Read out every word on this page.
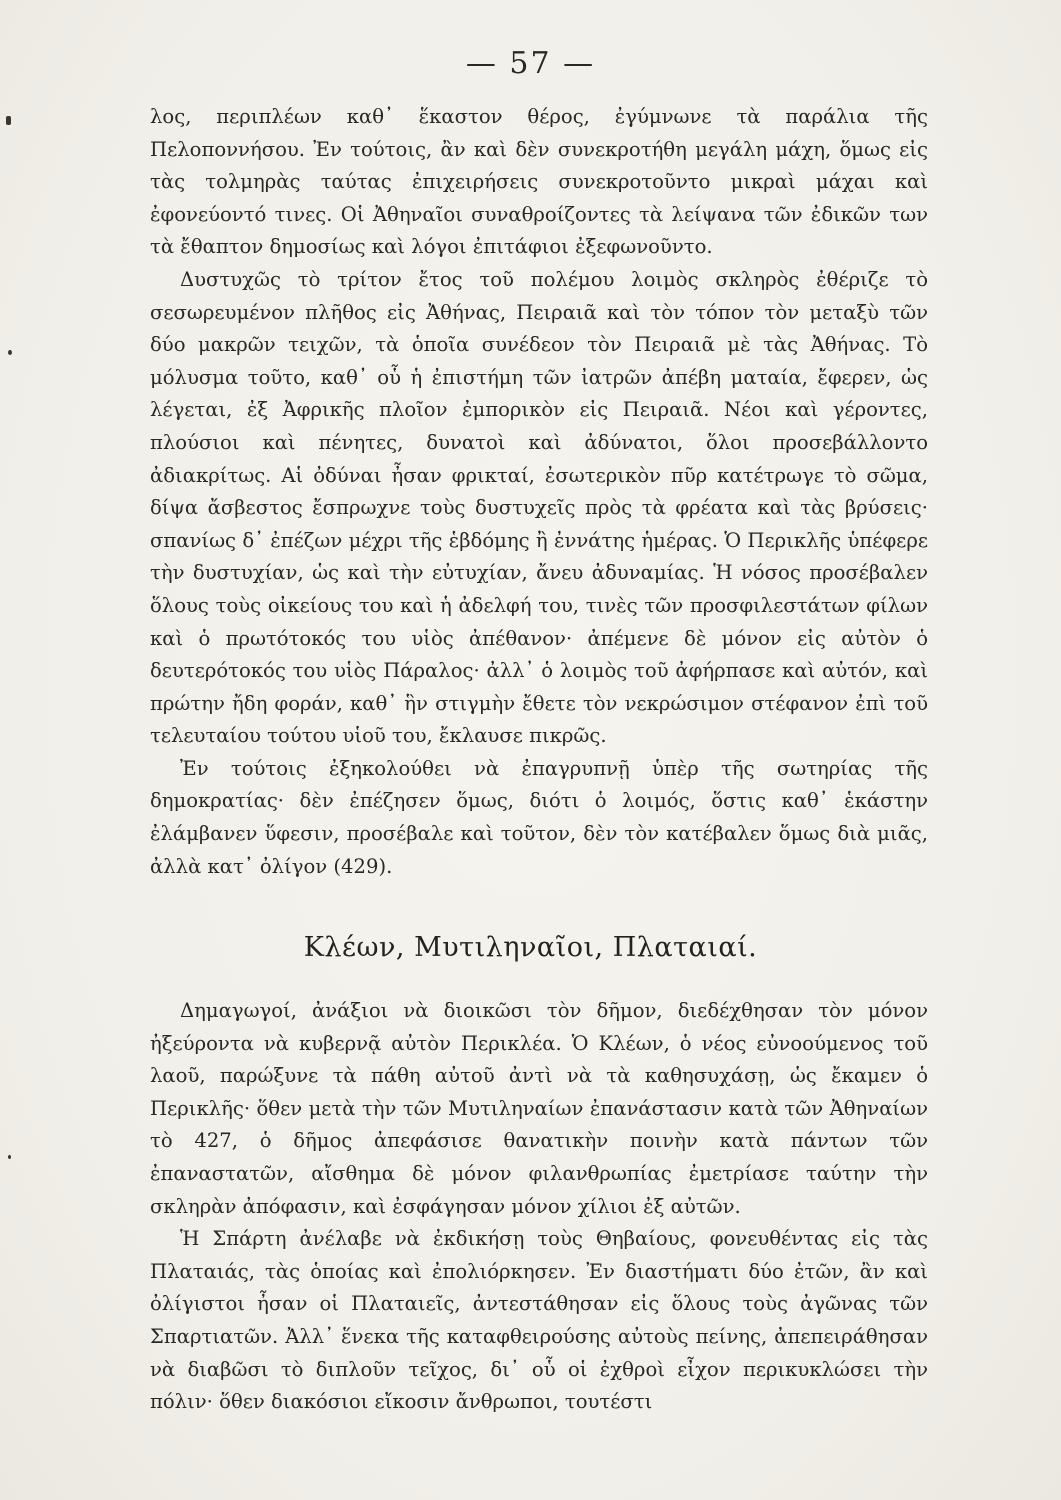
— 57 —

λος, περιπλέων καθ᾽ ἕκαστον θέρος, ἐγύμνωνε τὰ παράλια τῆς Πελοποννήσου. Ἐν τούτοις, ἂν καὶ δὲν συνεκροτήθη μεγάλη μάχη, ὅμως εἰς τὰς τολμηρὰς ταύτας ἐπιχειρήσεις συνεκροτοῦντο μικραὶ μάχαι καὶ ἐφονεύοντό τινες. Οἱ Ἀθηναῖοι συναθροίζοντες τὰ λείψανα τῶν ἐδικῶν των τὰ ἔθαπτον δημοσίως καὶ λόγοι ἐπιτάφιοι ἐξεφωνοῦντο.

Δυστυχῶς τὸ τρίτον ἔτος τοῦ πολέμου λοιμὸς σκληρὸς ἐθέριζε τὸ σεσωρευμένον πλῆθος εἰς Ἀθήνας, Πειραιᾶ καὶ τὸν τόπον τὸν μεταξὺ τῶν δύο μακρῶν τειχῶν, τὰ ὁποῖα συνέδεον τὸν Πειραιᾶ μὲ τὰς Ἀθήνας. Τὸ μόλυσμα τοῦτο, καθ᾽ οὗ ἡ ἐπιστήμη τῶν ἰατρῶν ἀπέβη ματαία, ἔφερεν, ὡς λέγεται, ἐξ Ἀφρικῆς πλοῖον ἐμπορικὸν εἰς Πειραιᾶ. Νέοι καὶ γέροντες, πλούσιοι καὶ πένητες, δυνατοὶ καὶ ἀδύνατοι, ὅλοι προσεβάλλοντο ἀδιακρίτως. Αἱ ὀδύναι ἦσαν φρικταί, ἐσωτερικὸν πῦρ κατέτρωγε τὸ σῶμα, δίψα ἄσβεστος ἔσπρωχνε τοὺς δυστυχεῖς πρὸς τὰ φρέατα καὶ τὰς βρύσεις· σπανίως δ᾽ ἐπέζων μέχρι τῆς ἑβδόμης ἢ ἐννάτης ἡμέρας. Ὁ Περικλῆς ὑπέφερε τὴν δυστυχίαν, ὡς καὶ τὴν εὐτυχίαν, ἄνευ ἀδυναμίας. Ἡ νόσος προσέβαλεν ὅλους τοὺς οἰκείους του καὶ ἡ ἀδελφή του, τινὲς τῶν προσφιλεστάτων φίλων καὶ ὁ πρωτότοκός του υἱὸς ἀπέθανον· ἀπέμενε δὲ μόνον εἰς αὐτὸν ὁ δευτερότοκός του υἱὸς Πάραλος· ἀλλ᾽ ὁ λοιμὸς τοῦ ἀφήρπασε καὶ αὐτόν, καὶ πρώτην ἤδη φοράν, καθ᾽ ἣν στιγμὴν ἔθετε τὸν νεκρώσιμον στέφανον ἐπὶ τοῦ τελευταίου τούτου υἱοῦ του, ἔκλαυσε πικρῶς.

Ἐν τούτοις ἐξηκολούθει νὰ ἐπαγρυπνῇ ὑπὲρ τῆς σωτηρίας τῆς δημοκρατίας· δὲν ἐπέζησεν ὅμως, διότι ὁ λοιμός, ὅστις καθ᾽ ἑκάστην ἐλάμβανεν ὕφεσιν, προσέβαλε καὶ τοῦτον, δὲν τὸν κατέβαλεν ὅμως διὰ μιᾶς, ἀλλὰ κατ᾽ ὀλίγον (429).

Κλέων, Μυτιληναῖοι, Πλαταιαί.

Δημαγωγοί, ἀνάξιοι νὰ διοικῶσι τὸν δῆμον, διεδέχθησαν τὸν μόνον ἠξεύροντα νὰ κυβερνᾷ αὐτὸν Περικλέα. Ὁ Κλέων, ὁ νέος εὐνοούμενος τοῦ λαοῦ, παρώξυνε τὰ πάθη αὐτοῦ ἀντὶ νὰ τὰ καθησυχάσῃ, ὡς ἔκαμεν ὁ Περικλῆς· ὅθεν μετὰ τὴν τῶν Μυτιληναίων ἐπανάστασιν κατὰ τῶν Ἀθηναίων τὸ 427, ὁ δῆμος ἀπεφάσισε θανατικὴν ποινὴν κατὰ πάντων τῶν ἐπαναστατῶν, αἴσθημα δὲ μόνον φιλανθρωπίας ἐμετρίασε ταύτην τὴν σκληρὰν ἀπόφασιν, καὶ ἐσφάγησαν μόνον χίλιοι ἐξ αὐτῶν.

Ἡ Σπάρτη ἀνέλαβε νὰ ἐκδικήσῃ τοὺς Θηβαίους, φονευθέντας εἰς τὰς Πλαταιάς, τὰς ὁποίας καὶ ἐπολιόρκησεν. Ἐν διαστήματι δύο ἐτῶν, ἂν καὶ ὀλίγιστοι ἦσαν οἱ Πλαταιεῖς, ἀντεστάθησαν εἰς ὅλους τοὺς ἀγῶνας τῶν Σπαρτιατῶν. Ἀλλ᾽ ἕνεκα τῆς καταφθειρούσης αὐτοὺς πείνης, ἀπεπειράθησαν νὰ διαβῶσι τὸ διπλοῦν τεῖχος, δι᾽ οὗ οἱ ἐχθροὶ εἶχον περικυκλώσει τὴν πόλιν· ὅθεν διακόσιοι εἴκοσιν ἄνθρωποι, τουτέστι
